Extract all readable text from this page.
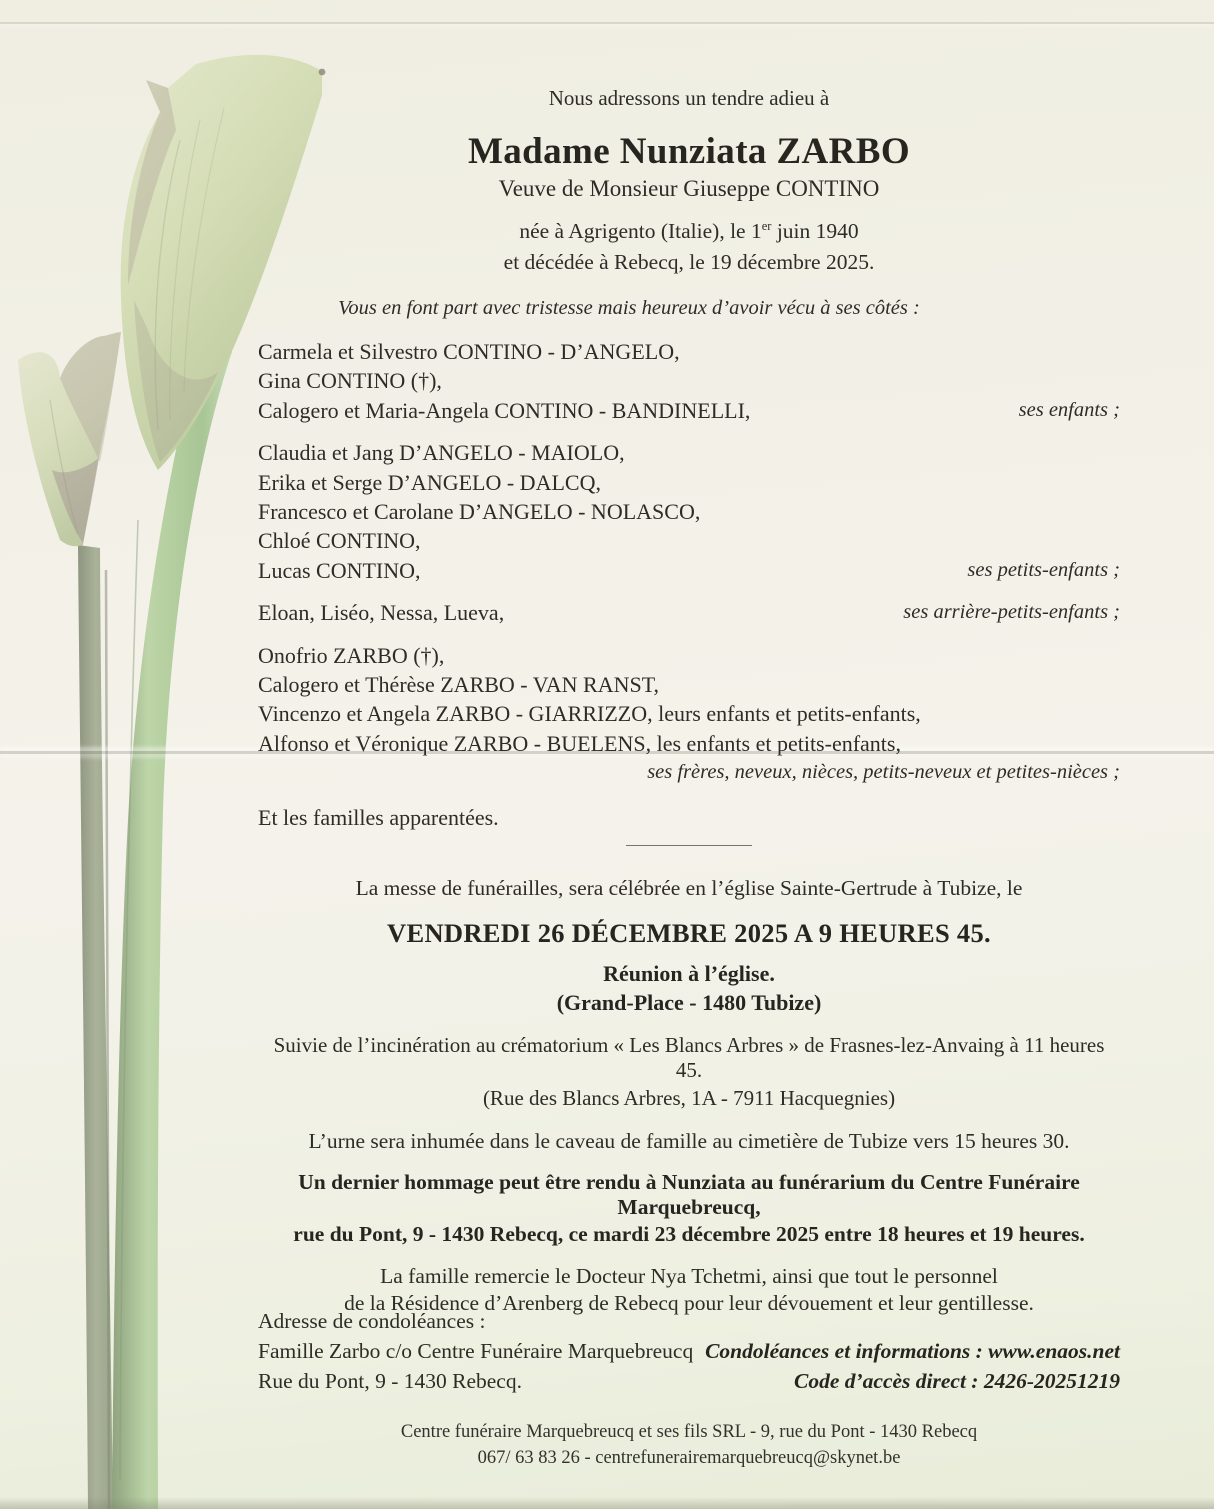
Nous adressons un tendre adieu à
Madame Nunziata ZARBO
Veuve de Monsieur Giuseppe CONTINO
née à Agrigento (Italie), le 1er juin 1940
et décédée à Rebecq, le 19 décembre 2025.
Vous en font part avec tristesse mais heureux d’avoir vécu à ses côtés :
Carmela et Silvestro CONTINO - D’ANGELO,
Gina CONTINO (†),
Calogero et Maria-Angela CONTINO - BANDINELLI,	ses enfants ;
Claudia et Jang D’ANGELO - MAIOLO,
Erika et Serge D’ANGELO - DALCQ,
Francesco et Carolane D’ANGELO - NOLASCO,
Chloé CONTINO,
Lucas CONTINO,	ses petits-enfants ;
Eloan, Liséo, Nessa, Lueva,	ses arrière-petits-enfants ;
Onofrio ZARBO (†),
Calogero et Thérèse ZARBO - VAN RANST,
Vincenzo et Angela ZARBO - GIARRIZZO, leurs enfants et petits-enfants,
Alfonso et Véronique ZARBO - BUELENS, les enfants et petits-enfants,
ses frères, neveux, nièces, petits-neveux et petites-nièces ;
Et les familles apparentées.
La messe de funérailles, sera célébrée en l’église Sainte-Gertrude à Tubize, le
VENDREDI 26 DÉCEMBRE 2025 A 9 HEURES 45.
Réunion à l’église.
(Grand-Place - 1480 Tubize)
Suivie de l’incinération au crématorium « Les Blancs Arbres » de Frasnes-lez-Anvaing à 11 heures 45.
(Rue des Blancs Arbres, 1A - 7911 Hacquegnies)
L’urne sera inhumée dans le caveau de famille au cimetière de Tubize vers 15 heures 30.
Un dernier hommage peut être rendu à Nunziata au funérarium du Centre Funéraire Marquebreucq,
rue du Pont, 9 - 1430 Rebecq, ce mardi 23 décembre 2025 entre 18 heures et 19 heures.
La famille remercie le Docteur Nya Tchetmi, ainsi que tout le personnel
de la Résidence d’Arenberg de Rebecq pour leur dévouement et leur gentillesse.
Adresse de condoléances :
Famille Zarbo c/o Centre Funéraire Marquebreucq Condoléances et informations : www.enaos.net
Rue du Pont, 9 - 1430 Rebecq.	Code d’accès direct : 2426-20251219
Centre funéraire Marquebreucq et ses fils SRL - 9, rue du Pont - 1430 Rebecq
067/ 63 83 26 - centrefunerairemarquebreucq@skynet.be
